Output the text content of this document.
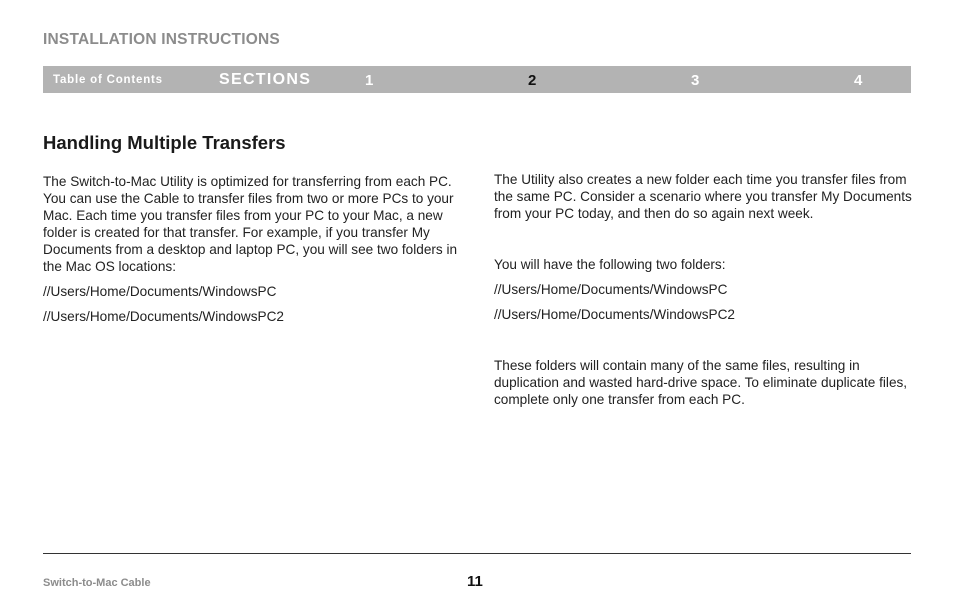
INSTALLATION INSTRUCTIONS
Table of Contents	SECTIONS	1	2	3	4
Handling Multiple Transfers

The Switch-to-Mac Utility is optimized for transferring from each PC. You can use the Cable to transfer files from two or more PCs to your Mac. Each time you transfer files from your PC to your Mac, a new folder is created for that transfer. For example, if you transfer My Documents from a desktop and laptop PC, you will see two folders in the Mac OS locations:

//Users/Home/Documents/WindowsPC

//Users/Home/Documents/WindowsPC2

The Utility also creates a new folder each time you transfer files from the same PC. Consider a scenario where you transfer My Documents from your PC today, and then do so again next week.

You will have the following two folders:

//Users/Home/Documents/WindowsPC

//Users/Home/Documents/WindowsPC2

These folders will contain many of the same files, resulting in duplication and wasted hard-drive space. To eliminate duplicate files, complete only one transfer from each PC.

Switch-to-Mac Cable	11
